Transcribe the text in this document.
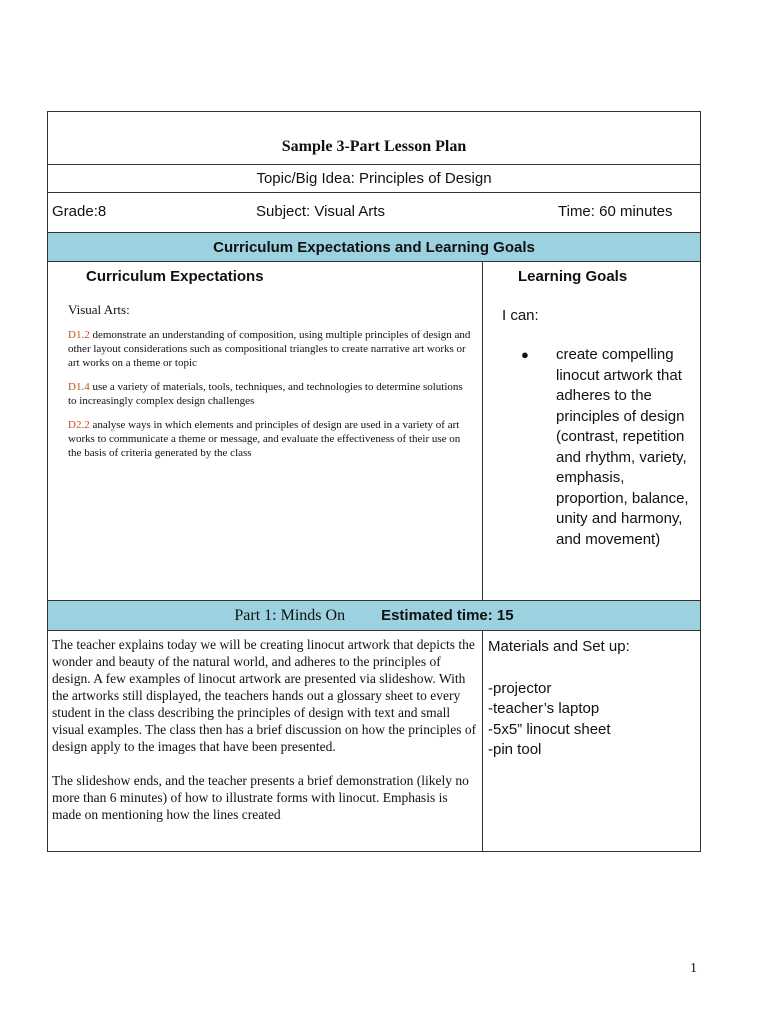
Sample 3-Part Lesson Plan
Topic/Big Idea: Principles of Design
Grade:8	Subject: Visual Arts	Time: 60 minutes
Curriculum Expectations and Learning Goals
Curriculum Expectations
Visual Arts:
D1.2 demonstrate an understanding of composition, using multiple principles of design and other layout considerations such as compositional triangles to create narrative art works or art works on a theme or topic
D1.4 use a variety of materials, tools, techniques, and technologies to determine solutions to increasingly complex design challenges
D2.2 analyse ways in which elements and principles of design are used in a variety of art works to communicate a theme or message, and evaluate the effectiveness of their use on the basis of criteria generated by the class
Learning Goals
I can:
● create compelling linocut artwork that adheres to the principles of design (contrast, repetition and rhythm, variety, emphasis, proportion, balance, unity and harmony, and movement)
Part 1: Minds On Estimated time: 15

The teacher explains today we will be creating linocut artwork that depicts the wonder and beauty of the natural world, and adheres to the principles of design. A few examples of linocut artwork are presented via slideshow. With the artworks still displayed, the teachers hands out a glossary sheet to every student in the class describing the principles of design with text and small visual examples. The class then has a brief discussion on how the principles of design apply to the images that have been presented.

The slideshow ends, and the teacher presents a brief demonstration (likely no more than 6 minutes) of how to illustrate forms with linocut. Emphasis is made on mentioning how the lines created

Materials and Set up:
-projector
-teacher’s laptop
-5x5” linocut sheet
-pin tool
1
